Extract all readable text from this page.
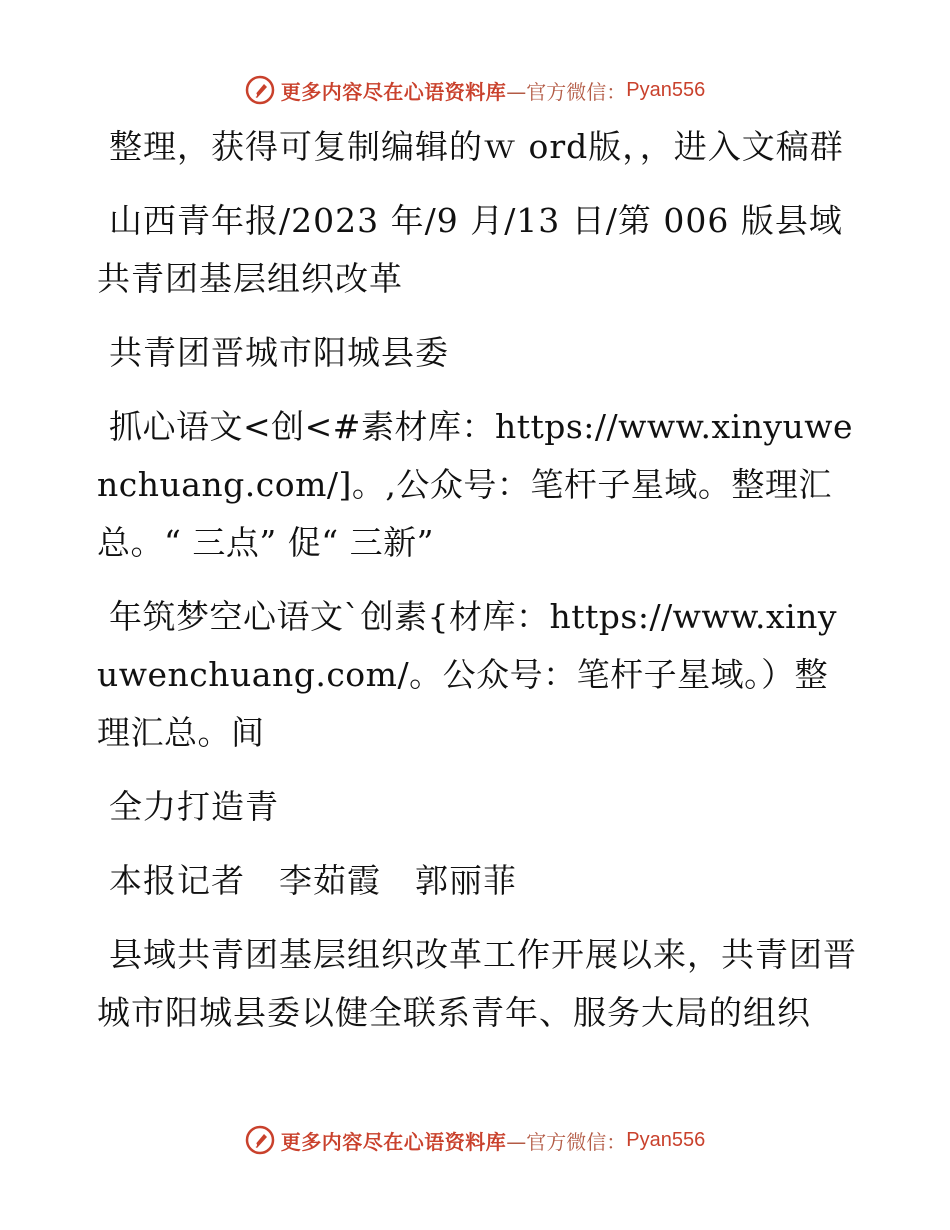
更多内容尽在心语资料库 —官方微信： Pyan556

整理，获得可复制编辑的ｗ ord版，，进入文稿群

山西青年报/2023 年/9 月/13 日/第 006 版县域共青团基层组织改革

共青团晋城市阳城县委

抓心语文<创<#素材库：https://www.xinyuwenchuang.com/]。,公众号：笔杆子星域。整理汇总。“ 三点” 促“ 三新”

年筑梦空心语文`创素{材库：https://www.xinyuwenchuang.com/。公众号：笔杆子星域。）整理汇总。间

全力打造青

本报记者　李茹霞　郭丽菲

县域共青团基层组织改革工作开展以来，共青团晋城市阳城县委以健全联系青年、服务大局的组织

更多内容尽在心语资料库 —官方微信： Pyan556
